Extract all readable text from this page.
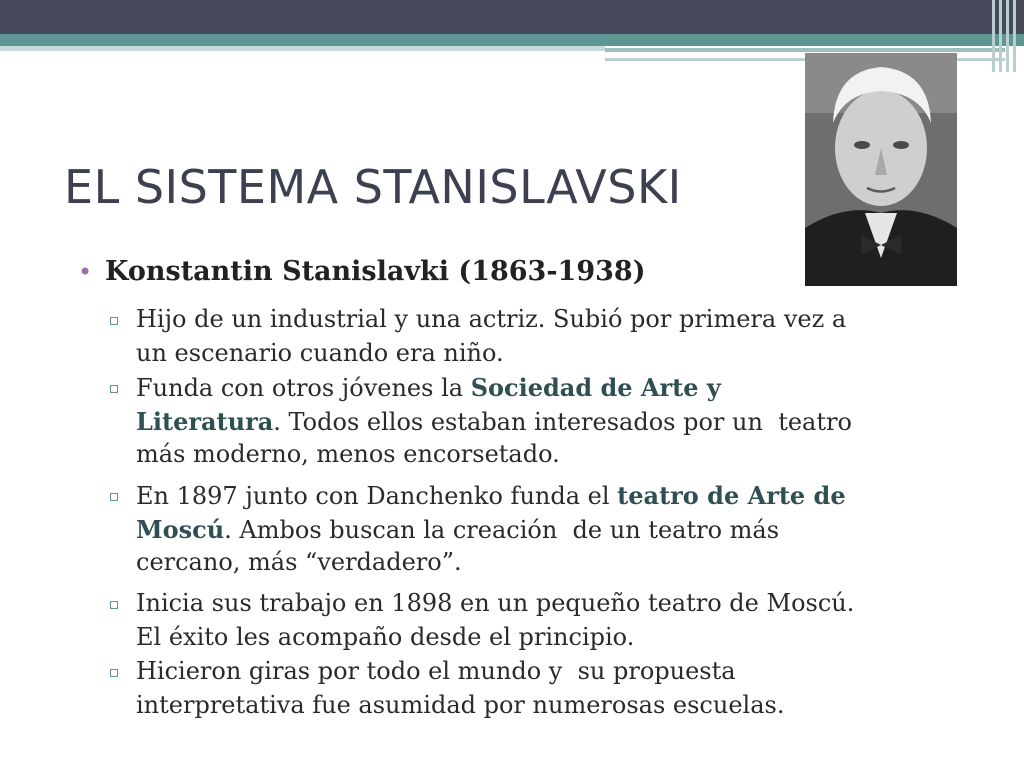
EL SISTEMA STANISLAVSKI
• Konstantin Stanislavki (1863-1938)
Hijo de un industrial y una actriz. Subió por primera vez a
un escenario cuando era niño.
Funda con otros jóvenes la Sociedad de Arte y
Literatura. Todos ellos estaban interesados por un  teatro
más moderno, menos encorsetado.
En 1897 junto con Danchenko funda el teatro de Arte de
Moscú. Ambos buscan la creación  de un teatro más
cercano, más “verdadero”.
Inicia sus trabajo en 1898 en un pequeño teatro de Moscú.
El éxito les acompaño desde el principio.
Hicieron giras por todo el mundo y  su propuesta
interpretativa fue asumidad por numerosas escuelas.
